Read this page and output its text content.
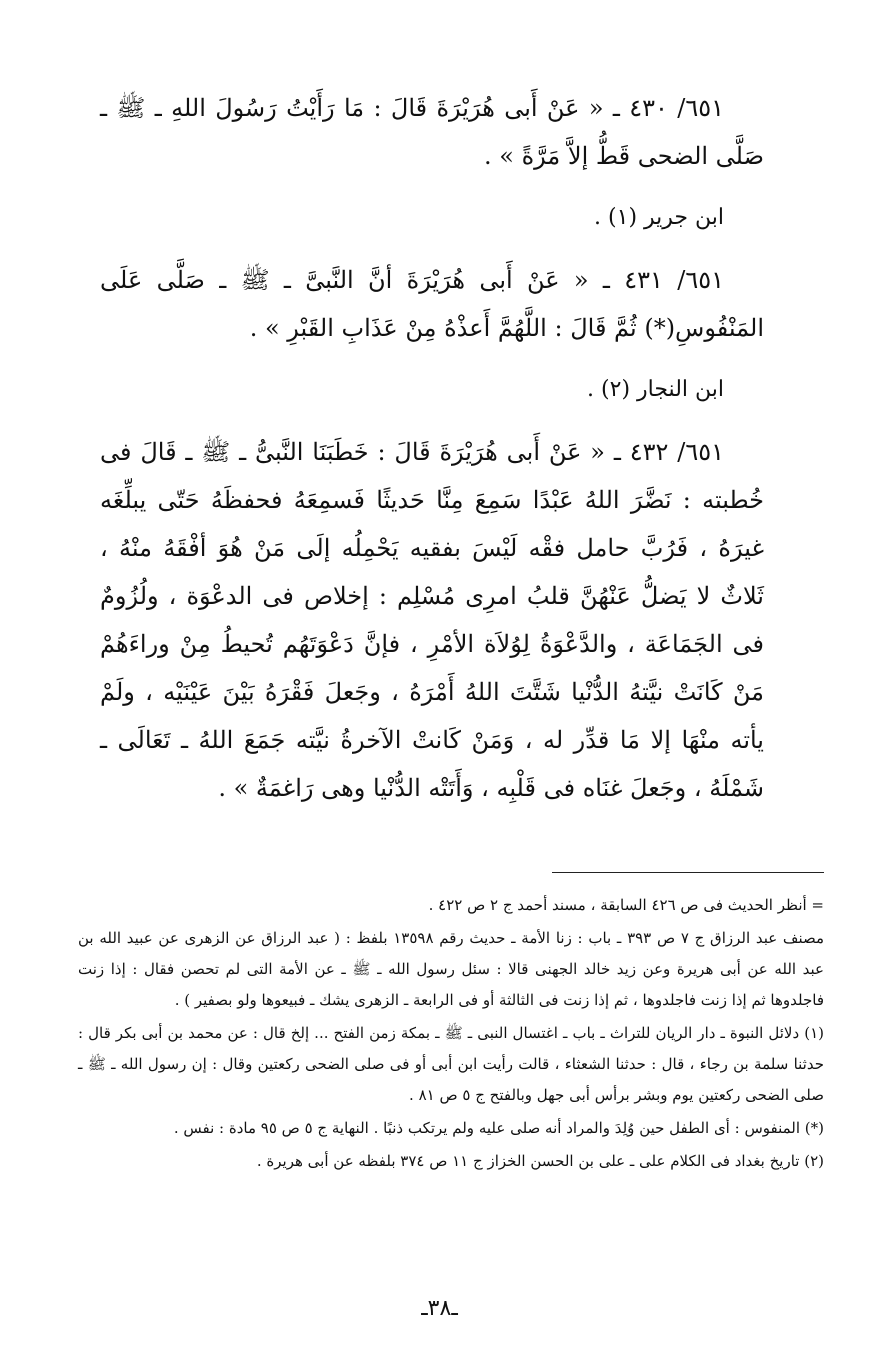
٦٥١/ ٤٣٠ ـ « عَنْ أَبى هُرَيْرَةَ قَالَ : مَا رَأَيْتُ رَسُولَ اللهِ ـ ﷺ ـ صَلَّى الضحى قَطُّ إلاَّ مَرَّةً » .

ابن جرير (١) .

٦٥١/ ٤٣١ ـ « عَنْ أَبى هُرَيْرَةَ أنَّ النَّبىَّ ـ ﷺ ـ صَلَّى عَلَى المَنْفُوسِ(*) ثُمَّ قَالَ : اللَّهُمَّ أَعذْهُ مِنْ عَذَابِ القَبْرِ » .

ابن النجار (٢) .

٦٥١/ ٤٣٢ ـ « عَنْ أَبى هُرَيْرَةَ قَالَ : خَطَبَنَا النَّبىُّ ـ ﷺ ـ قَالَ فى خُطبته : نَضَّرَ اللهُ عَبْدًا سَمِعَ مِنَّا حَديثًا فَسمِعَهُ فحفظَهُ حَتّى يبلِّغَه غيرَهُ ، فَرُبَّ حامل فقْه لَيْسَ بفقيه يَحْمِلُه إلَى مَنْ هُوَ أفْقَهُ منْهُ ، ثَلاثٌ لا يَضلُّ عَنْهُنَّ قلبُ امرِى مُسْلِم : إخلاص فى الدعْوَة ، ولُزُومٌ فى الجَمَاعَة ، والدَّعْوَةُ لِوُلاَة الأمْرِ ، فإنَّ دَعْوَتَهُم تُحيطُ مِنْ وراءَهُمْ مَنْ كَانَتْ نيَّتهُ الدُّنْيا شَتَّتَ اللهُ أَمْرَهُ ، وجَعلَ فَقْرَهُ بَيْنَ عَيْنَيْه ، ولَمْ يأته منْهَا إلا مَا قدِّر له ، وَمَنْ كَانتْ الآخرةُ نيَّته جَمَعَ اللهُ ـ تَعَالَى ـ شَمْلَهُ ، وجَعلَ غنَاه فى قَلْبِه ، وَأَتَتْه الدُّنْيا وهى رَاغمَةٌ » .

= أنظر الحديث فى ص ٤٢٦ السابقة ، مسند أحمد ج ٢ ص ٤٢٢ .

مصنف عبد الرزاق ج ٧ ص ٣٩٣ ـ باب : زنا الأمة ـ حديث رقم ١٣٥٩٨ بلفظ : ( عبد الرزاق عن الزهرى عن عبيد الله بن عبد الله عن أبى هريرة وعن زيد خالد الجهنى قالا : سئل رسول الله ـ ﷺ ـ عن الأمة التى لم تحصن فقال : إذا زنت فاجلدوها ثم إذا زنت فاجلدوها ، ثم إذا زنت فى الثالثة أو فى الرابعة ـ الزهرى يشك ـ فبيعوها ولو بصفير ) .

(١) دلائل النبوة ـ دار الريان للتراث ـ باب ـ اغتسال النبى ـ ﷺ ـ بمكة زمن الفتح ... إلخ قال : عن محمد بن أبى بكر قال : حدثنا سلمة بن رجاء ، قال : حدثنا الشعثاء ، قالت رأيت ابن أبى أو فى صلى الضحى ركعتين وقال : إن رسول الله ـ ﷺ ـ صلى الضحى ركعتين يوم وبشر برأس أبى جهل وبالفتح ج ٥ ص ٨١ .

(*) المنفوس : أى الطفل حين وُلِدَ والمراد أنه صلى عليه ولم يرتكب ذنبًا . النهاية ج ٥ ص ٩٥ مادة : نفس .

(٢) تاريخ بغداد فى الكلام على ـ على بن الحسن الخزاز ج ١١ ص ٣٧٤ بلفظه عن أبى هريرة .

ـ٣٨ـ
